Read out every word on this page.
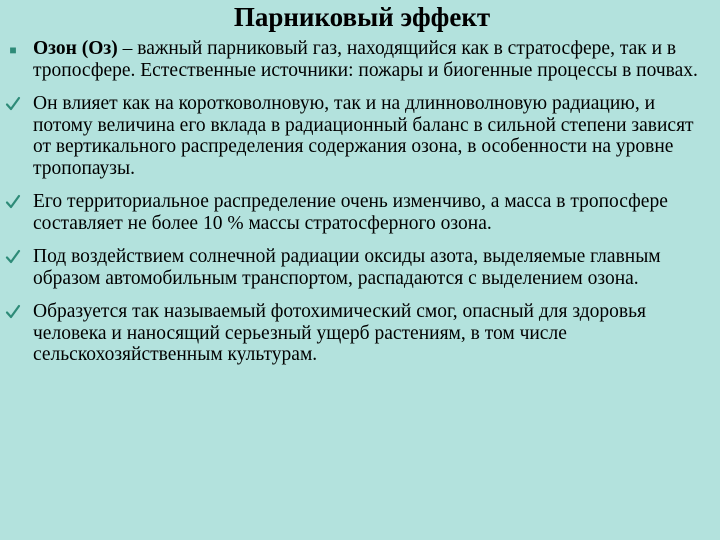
Парниковый эффект
■ Озон (Оз) – важный парниковый газ, находящийся как в стратосфере, так и в тропосфере. Естественные источники: пожары и биогенные процессы в почвах.
Он влияет как на коротковолновую, так и на длинноволновую радиацию, и потому величина его вклада в радиационный баланс в сильной степени зависят от вертикального распределения содержания озона, в особенности на уровне тропопаузы.
Его территориальное распределение очень изменчиво, а масса в тропосфере составляет не более 10 % массы стратосферного озона.
Под воздействием солнечной радиации оксиды азота, выделяемые главным образом автомобильным транспортом, распадаются с выделением озона.
Образуется так называемый фотохимический смог, опасный для здоровья человека и наносящий серьезный ущерб растениям, в том числе сельскохозяйственным культурам.
